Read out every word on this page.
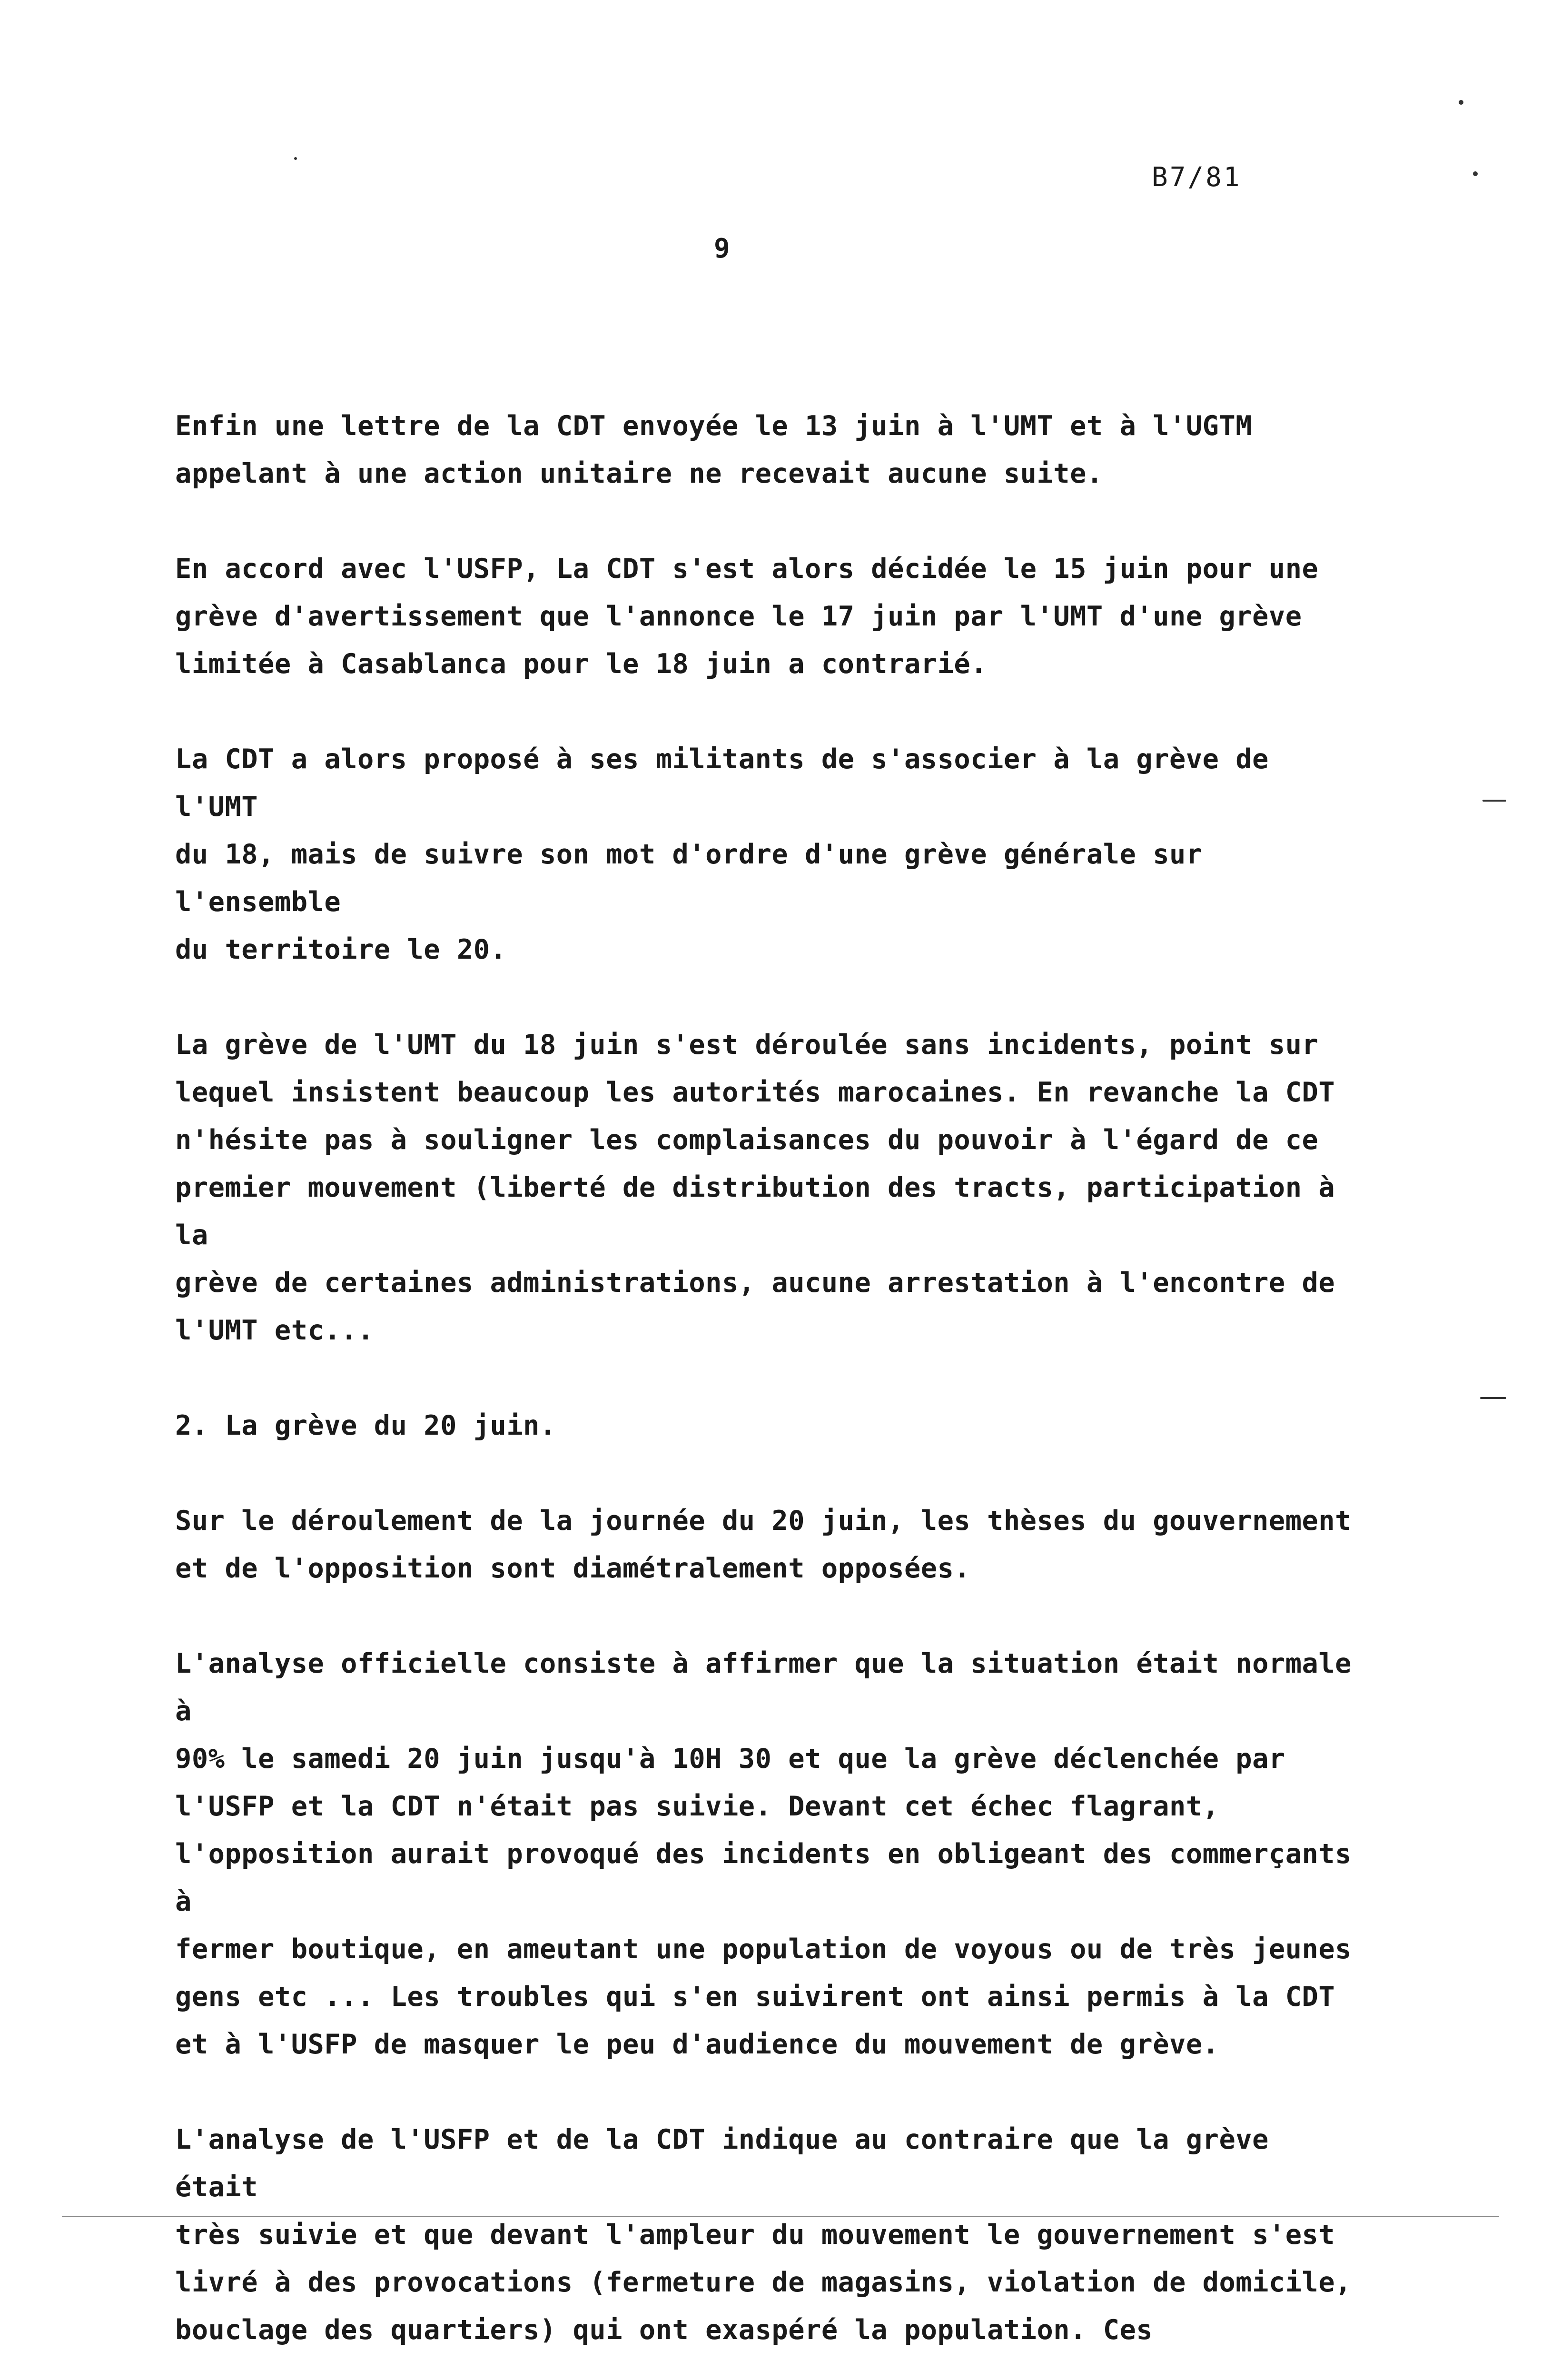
B7/81
9

Enfin une lettre de la CDT envoyée le 13 juin à l'UMT et à l'UGTM
appelant à une action unitaire ne recevait aucune suite.

En accord avec l'USFP, La CDT s'est alors décidée le 15 juin pour une
grève d'avertissement que l'annonce le 17 juin par l'UMT d'une grève
limitée à Casablanca pour le 18 juin a contrarié.

La CDT a alors proposé à ses militants de s'associer à la grève de l'UMT
du 18, mais de suivre son mot d'ordre d'une grève générale sur l'ensemble
du territoire le 20.

La grève de l'UMT du 18 juin s'est déroulée sans incidents, point sur
lequel insistent beaucoup les autorités marocaines. En revanche la CDT
n'hésite pas à souligner les complaisances du pouvoir à l'égard de ce
premier mouvement (liberté de distribution des tracts, participation à la
grève de certaines administrations, aucune arrestation à l'encontre de
l'UMT etc...

2. La grève du 20 juin.

Sur le déroulement de la journée du 20 juin, les thèses du gouvernement
et de l'opposition sont diamétralement opposées.

L'analyse officielle consiste à affirmer que la situation était normale à
90% le samedi 20 juin jusqu'à 10H 30 et que la grève déclenchée par
l'USFP et la CDT n'était pas suivie. Devant cet échec flagrant,
l'opposition aurait provoqué des incidents en obligeant des commerçants à
fermer boutique, en ameutant une population de voyous ou de très jeunes
gens etc ... Les troubles qui s'en suivirent ont ainsi permis à la CDT
et à l'USFP de masquer le peu d'audience du mouvement de grève.

L'analyse de l'USFP et de la CDT indique au contraire que la grève était
très suivie et que devant l'ampleur du mouvement le gouvernement s'est
livré à des provocations (fermeture de magasins, violation de domicile,
bouclage des quartiers) qui ont exaspéré la population. Ces
